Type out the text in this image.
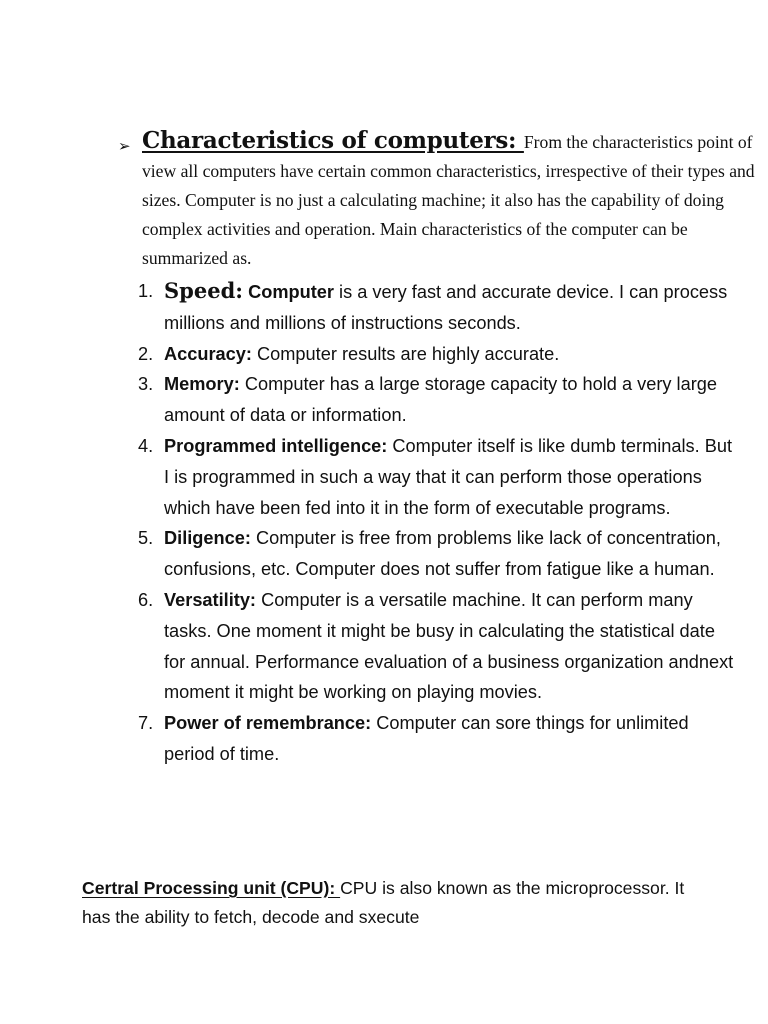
➢ Characteristics of computers: From the characteristics point of view all computers have certain common characteristics, irrespective of their types and sizes. Computer is no just a calculating machine; it also has the capability of doing complex activities and operation. Main characteristics of the computer can be summarized as.
1. Speed: Computer is a very fast and accurate device. I can process millions and millions of instructions seconds.
2. Accuracy: Computer results are highly accurate.
3. Memory: Computer has a large storage capacity to hold a very large amount of data or information.
4. Programmed intelligence: Computer itself is like dumb terminals. But I is programmed in such a way that it can perform those operations which have been fed into it in the form of executable programs.
5. Diligence: Computer is free from problems like lack of concentration, confusions, etc. Computer does not suffer from fatigue like a human.
6. Versatility: Computer is a versatile machine. It can perform many tasks. One moment it might be busy in calculating the statistical date for annual. Performance evaluation of a business organization andnext moment it might be working on playing movies.
7. Power of remembrance: Computer can sore things for unlimited period of time.
Certral Processing unit (CPU): CPU is also known as the microprocessor. It has the ability to fetch, decode and sxecute
